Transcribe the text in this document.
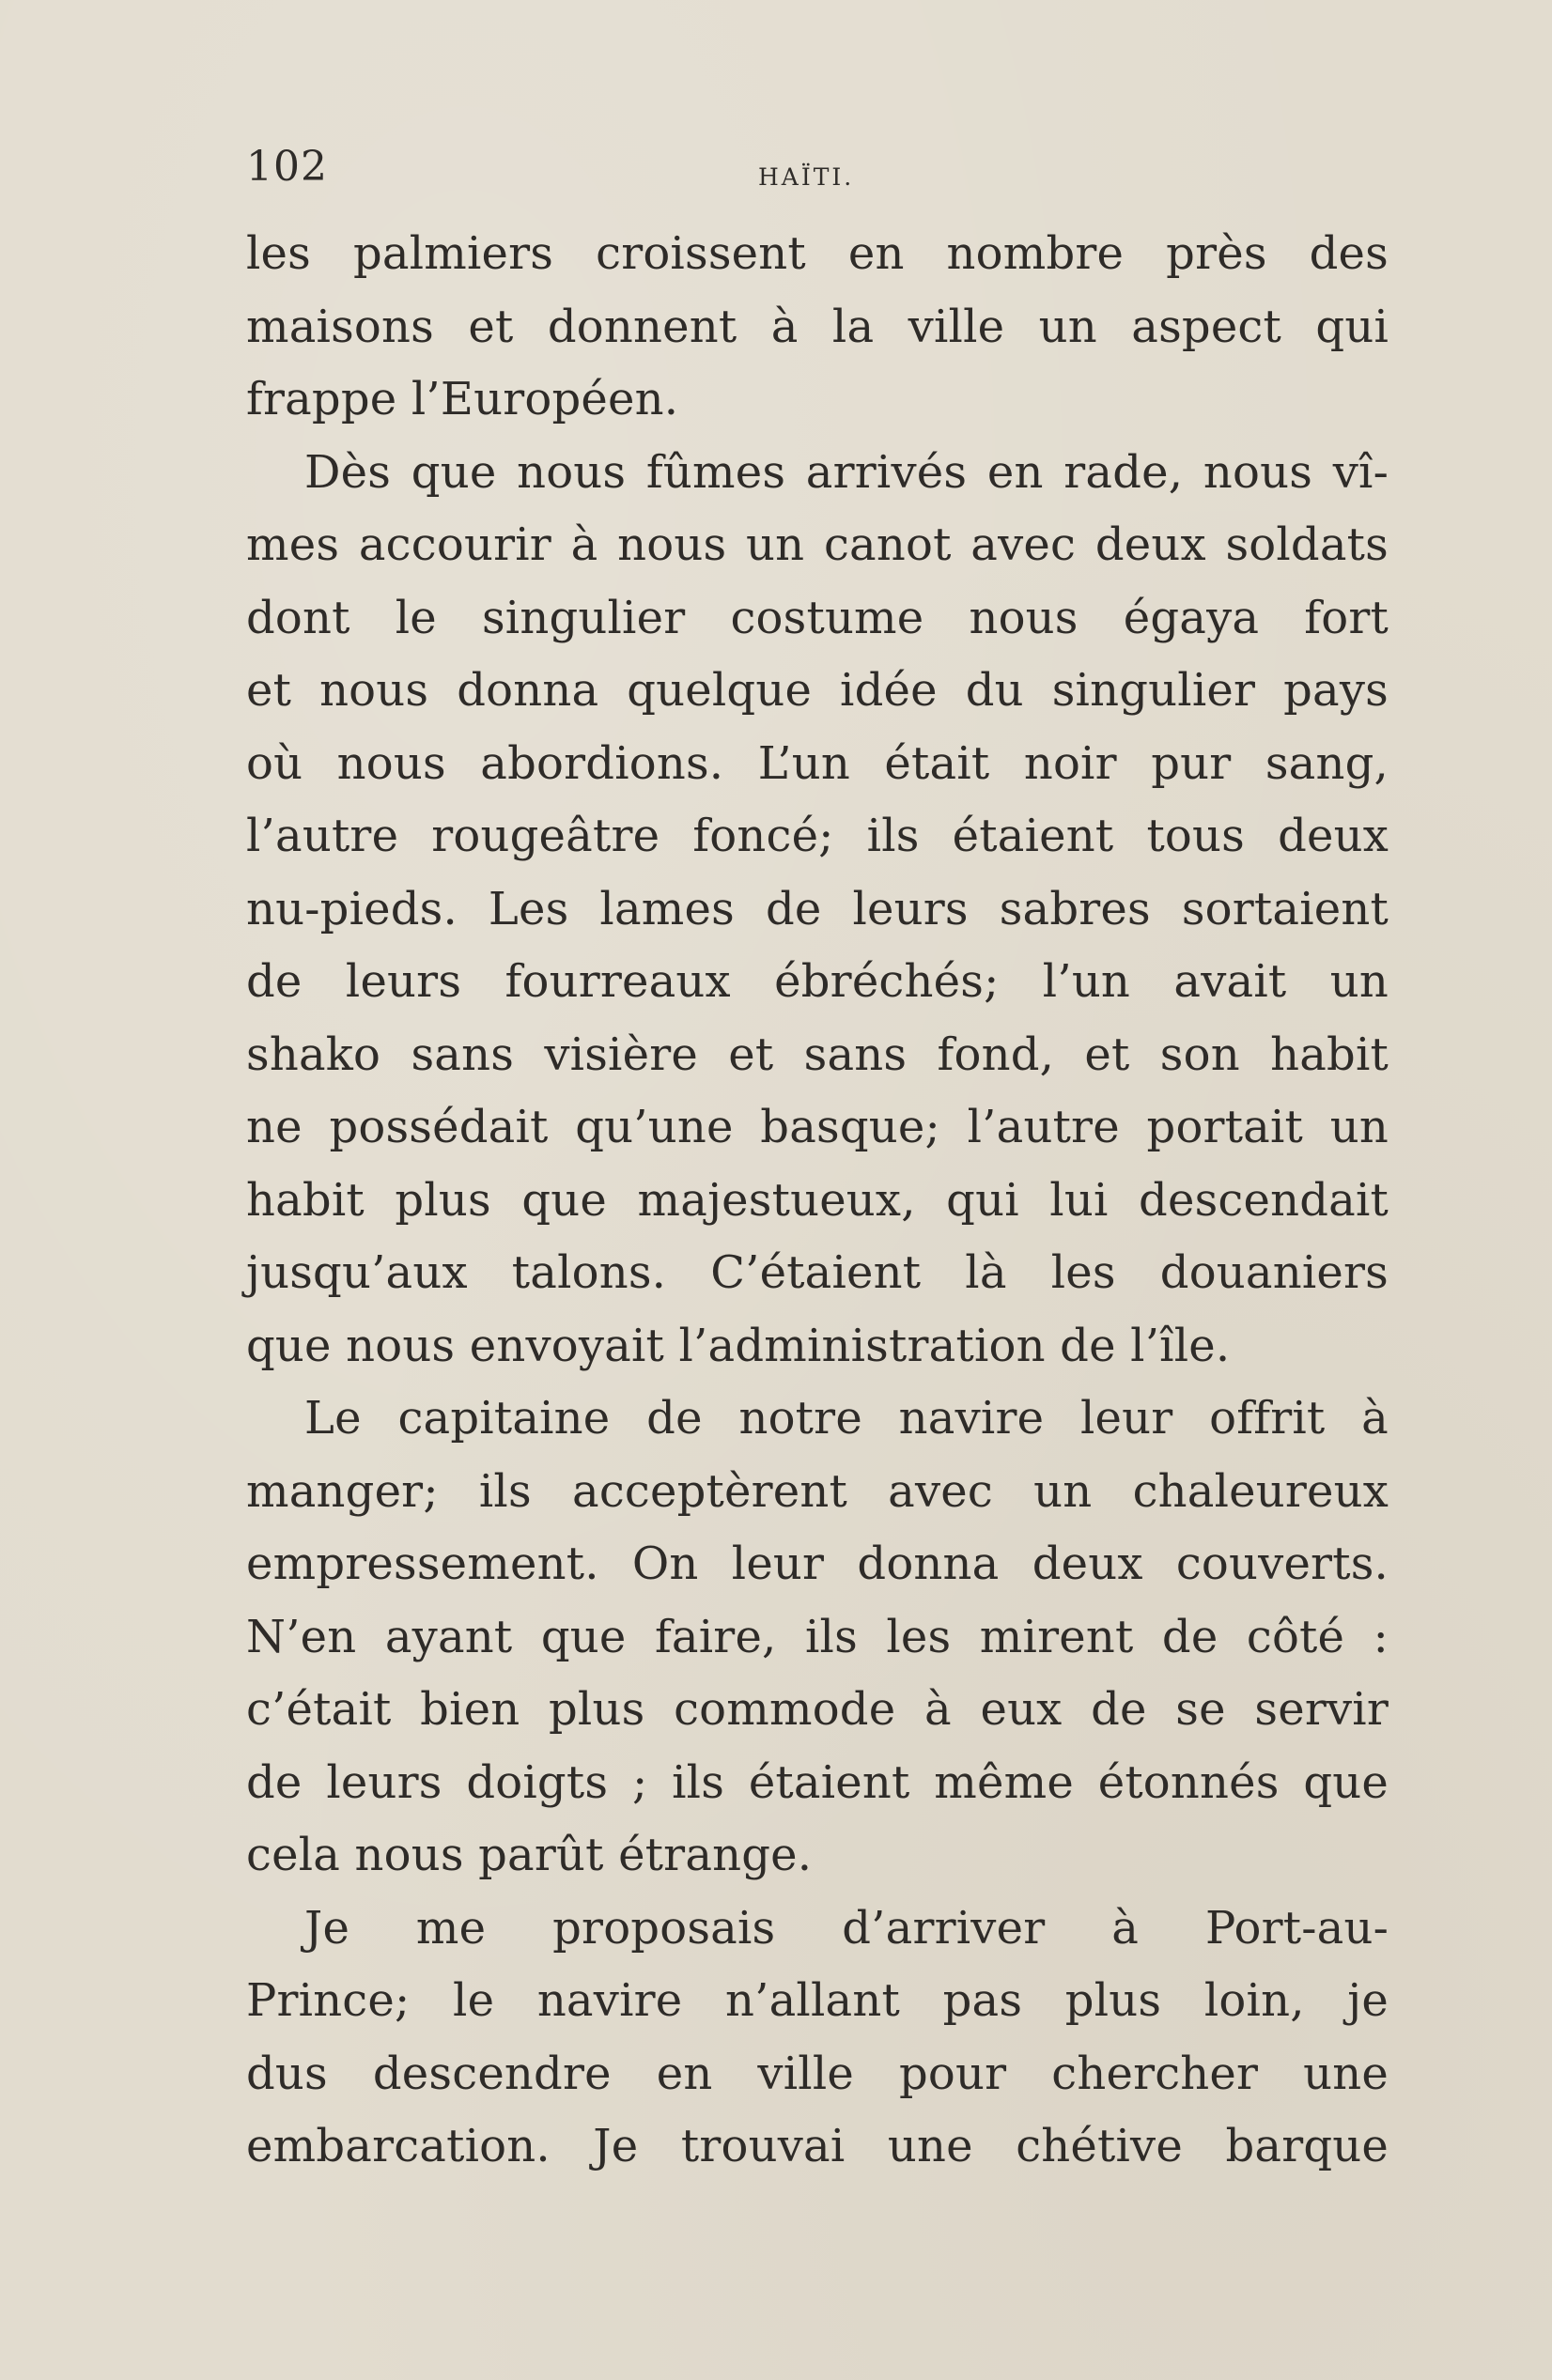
102	HAÏTI.
les palmiers croissent en nombre près des
maisons et donnent à la ville un aspect qui
frappe l’Européen.
Dès que nous fûmes arrivés en rade, nous vî-
mes accourir à nous un canot avec deux soldats
dont le singulier costume nous égaya fort
et nous donna quelque idée du singulier pays
où nous abordions. L’un était noir pur sang,
l’autre rougeâtre foncé; ils étaient tous deux
nu-pieds. Les lames de leurs sabres sortaient
de leurs fourreaux ébréchés; l’un avait un
shako sans visière et sans fond, et son habit
ne possédait qu’une basque; l’autre portait un
habit plus que majestueux, qui lui descendait
jusqu’aux talons. C’étaient là les douaniers
que nous envoyait l’administration de l’île.
Le capitaine de notre navire leur offrit à
manger; ils acceptèrent avec un chaleureux
empressement. On leur donna deux couverts.
N’en ayant que faire, ils les mirent de côté :
c’était bien plus commode à eux de se servir
de leurs doigts ; ils étaient même étonnés que
cela nous parût étrange.
Je me proposais d’arriver à Port-au-
Prince; le navire n’allant pas plus loin, je
dus descendre en ville pour chercher une
embarcation. Je trouvai une chétive barque
